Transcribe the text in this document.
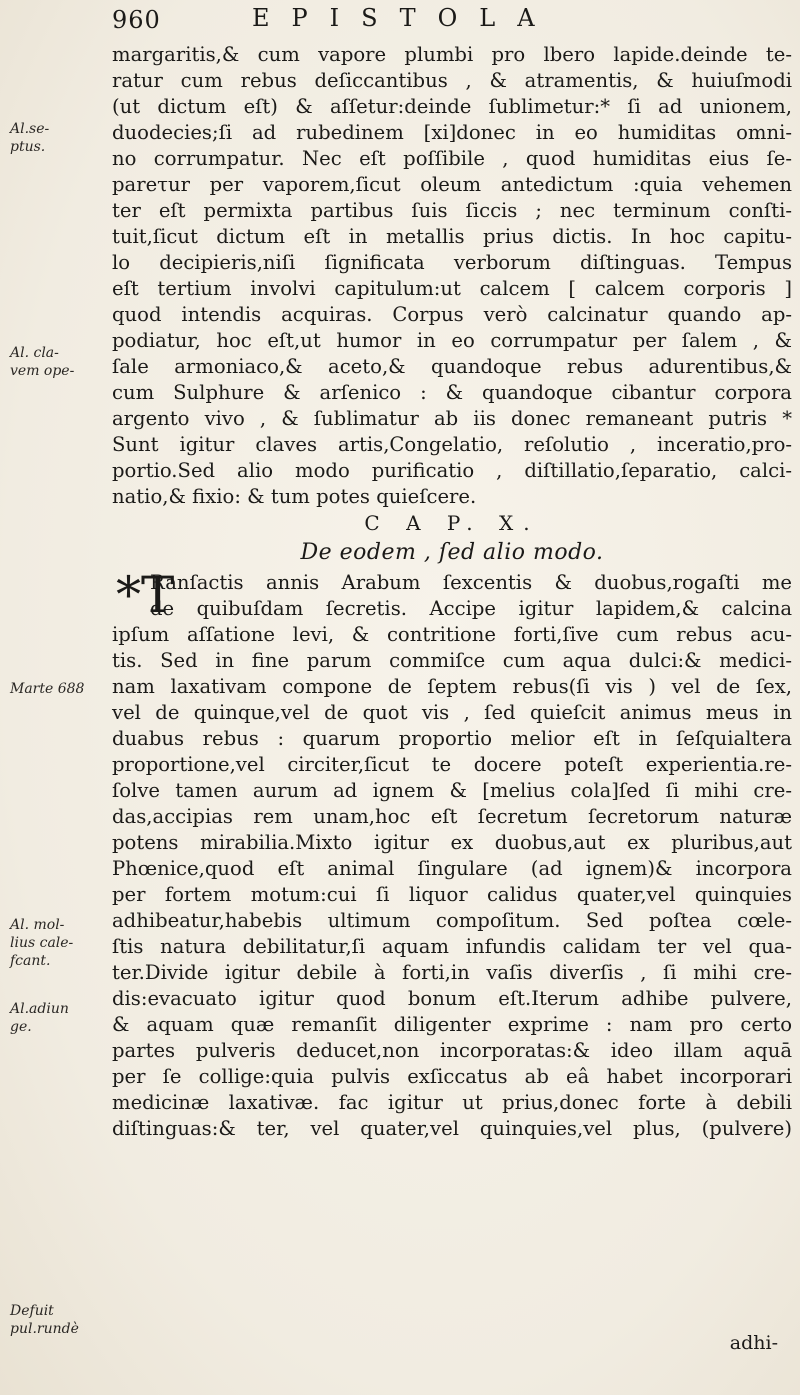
960	EPISTOLA
Al.se-
ptus.
Al. cla-
vem ope-
Marte 688
Al. mol-
lius cale-
fcant.
Al.adiun
ge.
Defuit
pul.rundè
margaritis,& cum vapore plumbi pro lbero lapide.deinde te-
ratur cum rebus deſiccantibus , & atramentis, & huiuſmodi
(ut dictum eſt) & aſſetur:deinde ſublimetur:* ſi ad unionem,
duodecies;ſi ad rubedinem [xi]donec in eo humiditas omni-
no corrumpatur. Nec eſt poſſibile , quod humiditas eius ſe-
pareτur per vaporem,ſicut oleum antedictum :quia vehemen
ter eſt permixta partibus ſuis ſiccis ; nec terminum conſti-
tuit,ſicut dictum eſt in metallis prius dictis. In hoc capitu-
lo decipieris,niſi ſignificata verborum diſtinguas. Tempus
eſt tertium involvi capitulum:ut calcem [ calcem corporis ]
quod intendis acquiras. Corpus verò calcinatur quando ap-
podiatur, hoc eſt,ut humor in eo corrumpatur per ſalem , &
ſale armoniaco,& aceto,& quandoque rebus adurentibus,&
cum Sulphure & arſenico : & quandoque cibantur corpora
argento vivo , & ſublimatur ab iis donec remaneant putris *
Sunt igitur claves artis,Congelatio, reſolutio , inceratio,pro-
portio.Sed alio modo purificatio , diſtillatio,ſeparatio, calci-
natio,& fixio: & tum potes quieſcere.
C A P. X.
De eodem , ſed alio modo.
*T
Ranſactis annis Arabum ſexcentis & duobus,rogaſti me
de quibuſdam ſecretis. Accipe igitur lapidem,& calcina
ipſum aſſatione levi, & contritione forti,ſive cum rebus acu-
tis. Sed in fine parum commiſce cum aqua dulci:& medici-
nam laxativam compone de ſeptem rebus(ſi vis ) vel de ſex,
vel de quinque,vel de quot vis , ſed quieſcit animus meus in
duabus rebus : quarum proportio melior eſt in ſeſquialtera
proportione,vel circiter,ſicut te docere poteſt experientia.re-
ſolve tamen aurum ad ignem & [melius cola]ſed ſi mihi cre-
das,accipias rem unam,hoc eſt ſecretum ſecretorum naturæ
potens mirabilia.Mixto igitur ex duobus,aut ex pluribus,aut
Phœnice,quod eſt animal ſingulare (ad ignem)& incorpora
per fortem motum:cui ſi liquor calidus quater,vel quinquies
adhibeatur,habebis ultimum compoſitum. Sed poſtea cœle-
ſtis natura debilitatur,ſi aquam infundis calidam ter vel qua-
ter.Divide igitur debile à forti,in vaſis diverſis , ſi mihi cre-
dis:evacuato igitur quod bonum eſt.Iterum adhibe pulvere,
& aquam quæ remanſit diligenter exprime : nam pro certo
partes pulveris deducet,non incorporatas:& ideo illam aquā
per ſe collige:quia pulvis exſiccatus ab eâ habet incorporari
medicinæ laxativæ. fac igitur ut prius,donec forte à debili
diſtinguas:& ter, vel quater,vel quinquies,vel plus, (pulvere)
adhi-
